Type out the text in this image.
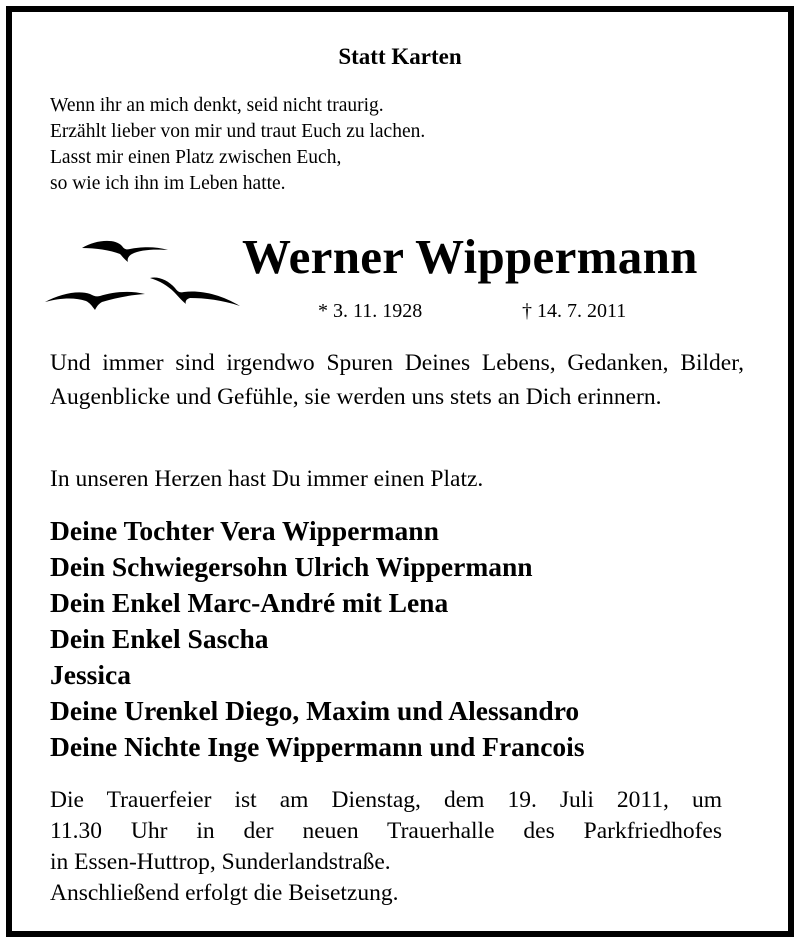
Statt Karten
Wenn ihr an mich denkt, seid nicht traurig.
Erzählt lieber von mir und traut Euch zu lachen.
Lasst mir einen Platz zwischen Euch,
so wie ich ihn im Leben hatte.
Werner Wippermann
* 3. 11. 1928	† 14. 7. 2011
Und immer sind irgendwo Spuren Deines Lebens, Gedanken, Bilder, Augenblicke und Gefühle, sie werden uns stets an Dich erinnern.
In unseren Herzen hast Du immer einen Platz.
Deine Tochter Vera Wippermann
Dein Schwiegersohn Ulrich Wippermann
Dein Enkel Marc-André mit Lena
Dein Enkel Sascha
Jessica
Deine Urenkel Diego, Maxim und Alessandro
Deine Nichte Inge Wippermann und Francois
Die Trauerfeier ist am Dienstag, dem 19. Juli 2011, um
11.30 Uhr in der neuen Trauerhalle des Parkfriedhofes
in Essen-Huttrop, Sunderlandstraße.
Anschließend erfolgt die Beisetzung.
